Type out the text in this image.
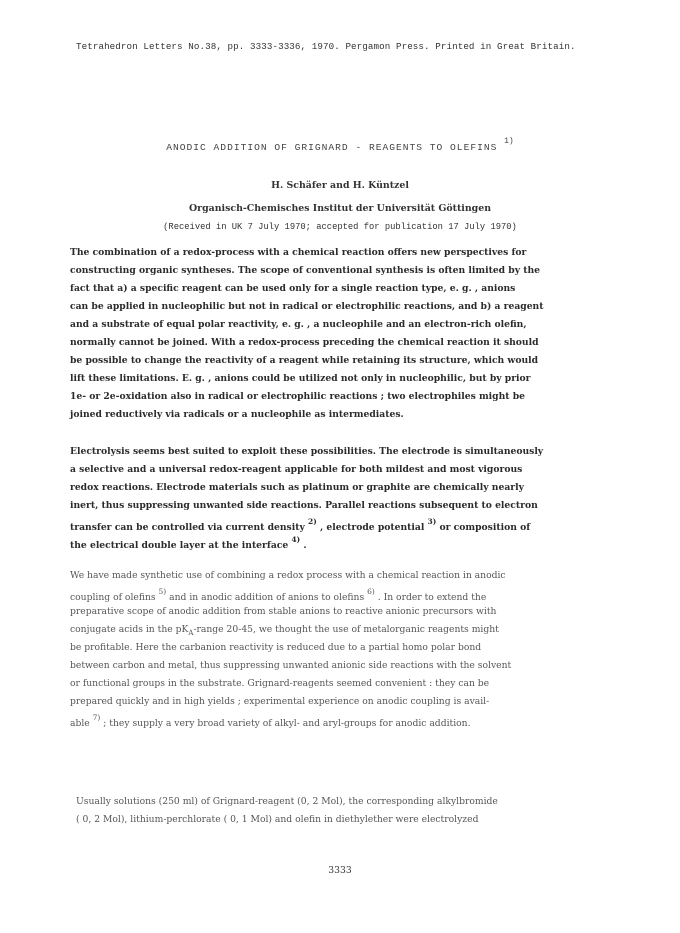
Tetrahedron Letters No.38, pp. 3333-3336, 1970. Pergamon Press. Printed in Great Britain.
ANODIC ADDITION OF GRIGNARD - REAGENTS TO OLEFINS $^{1)}$
H. Schäfer and H. Küntzel
Organisch-Chemisches Institut der Universität Göttingen
(Received in UK 7 July 1970; accepted for publication 17 July 1970)
The combination of a redox-process with a chemical reaction offers new perspectives for
constructing organic syntheses. The scope of conventional synthesis is often limited by the
fact that a) a specific reagent can be used only for a single reaction type, e. g. , anions
can be applied in nucleophilic but not in radical or electrophilic reactions, and b) a reagent
and a substrate of equal polar reactivity, e. g. , a nucleophile and an electron-rich olefin,
normally cannot be joined. With a redox-process preceding the chemical reaction it should
be possible to change the reactivity of a reagent while retaining its structure, which would
lift these limitations. E. g. , anions could be utilized not only in nucleophilic, but by prior
1e- or 2e-oxidation also in radical or electrophilic reactions ; two electrophiles might be
joined reductively via radicals or a nucleophile as intermediates.
Electrolysis seems best suited to exploit these possibilities. The electrode is simultaneously
a selective and a universal redox-reagent applicable for both mildest and most vigorous
redox reactions. Electrode materials such as platinum or graphite are chemically nearly
inert, thus suppressing unwanted side reactions. Parallel reactions subsequent to electron
transfer can be controlled via current density $^{2)}$ , electrode potential $^{3)}$ or composition of
the electrical double layer at the interface $^{4)}$ .
We have made synthetic use of combining a redox process with a chemical reaction in anodic
coupling of olefins $^{5)}$ and in anodic addition of anions to olefins $^{6)}$ . In order to extend the
preparative scope of anodic addition from stable anions to reactive anionic precursors with
conjugate acids in the $pK_A$-range 20-45, we thought the use of metalorganic reagents might
be profitable. Here the carbanion reactivity is reduced due to a partial homo polar bond
between carbon and metal, thus suppressing unwanted anionic side reactions with the solvent
or functional groups in the substrate. Grignard-reagents seemed convenient : they can be
prepared quickly and in high yields ; experimental experience on anodic coupling is avail-
able $^{7)}$ ; they supply a very broad variety of alkyl- and aryl-groups for anodic addition.
Usually solutions (250 ml) of Grignard-reagent (0, 2 Mol), the corresponding alkylbromide
( 0, 2 Mol), lithium-perchlorate ( 0, 1 Mol) and olefin in diethylether were electrolyzed
3333
